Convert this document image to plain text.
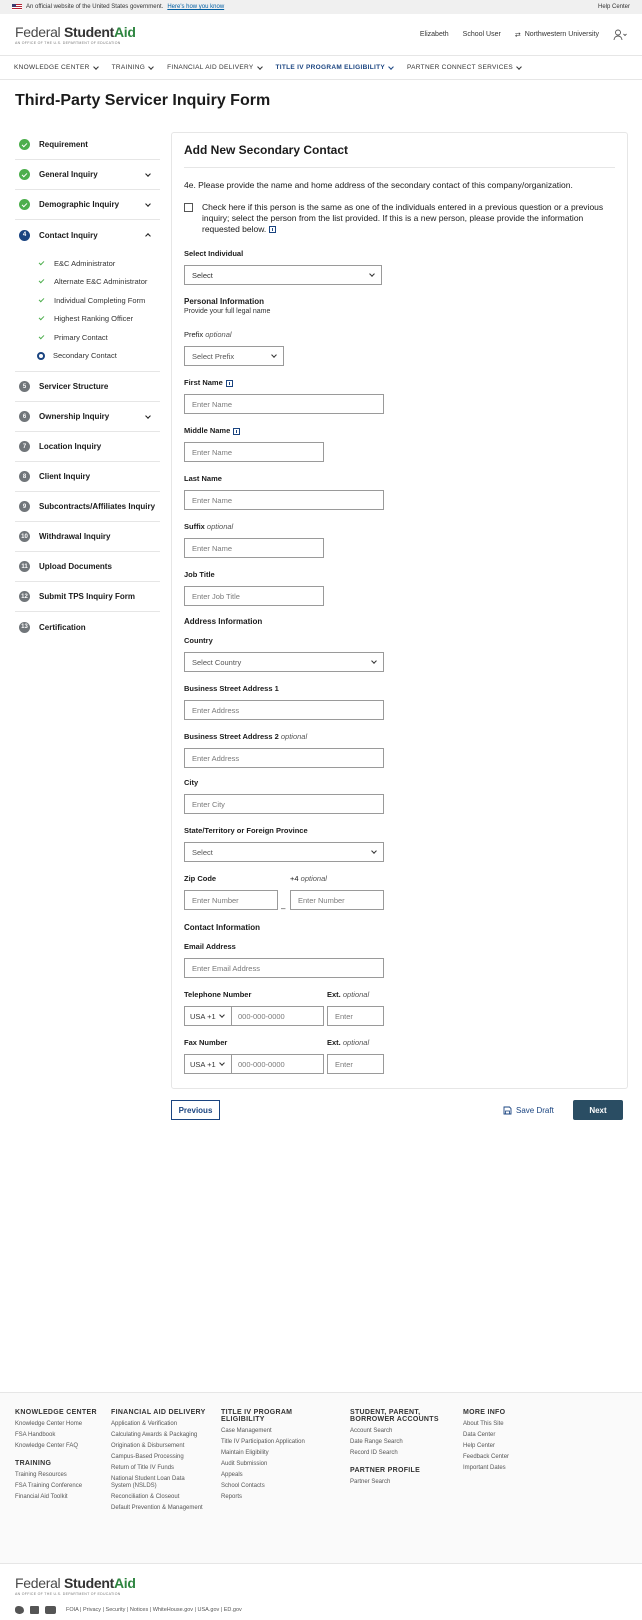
An official website of the United States government. Here's how you know	Help Center
Federal StudentAid
AN OFFICE OF THE U.S. DEPARTMENT OF EDUCATION
Elizabeth School User ⇄ Northwestern University
KNOWLEDGE CENTER	TRAINING	FINANCIAL AID DELIVERY	TITLE IV PROGRAM ELIGIBILITY	PARTNER CONNECT SERVICES
Third-Party Servicer Inquiry Form
Requirement
General Inquiry
Demographic Inquiry
4	Contact Inquiry
E&C Administrator
Alternate E&C Administrator
Individual Completing Form
Highest Ranking Officer
Primary Contact
Secondary Contact
5	Servicer Structure
6	Ownership Inquiry
7	Location Inquiry
8	Client Inquiry
9	Subcontracts/Affiliates Inquiry
10 Withdrawal Inquiry
11 Upload Documents
12 Submit TPS Inquiry Form
13 Certification
Add New Secondary Contact
4e. Please provide the name and home address of the secondary contact of this company/organization.
Check here if this person is the same as one of the individuals entered in a previous question or a previous inquiry; select the person from the list provided. If this is a new person, please provide the information requested below.
Select Individual
Select
Personal Information
Provide your full legal name
Prefix optional
Select Prefix
First Name
Enter Name
Middle Name
Enter Name
Last Name
Enter Name
Suffix optional
Enter Name
Job Title
Enter Job Title
Address Information
Country
Select Country
Business Street Address 1
Enter Address
Business Street Address 2 optional
Enter Address
City
Enter City
State/Territory or Foreign Province
Select
Zip Code
Enter Number
–
+4 optional
Enter Number
Contact Information
Email Address
Enter Email Address
Telephone Number
USA +1	000-000-0000
Ext. optional
Enter
Fax Number
USA +1	000-000-0000
Ext. optional
Enter
Previous	Save Draft	Next
KNOWLEDGE CENTER
Knowledge Center Home
FSA Handbook
Knowledge Center FAQ
TRAINING
Training Resources
FSA Training Conference
Financial Aid Toolkit
FINANCIAL AID DELIVERY
Application & Verification
Calculating Awards & Packaging
Origination & Disbursement
Campus-Based Processing
Return of Title IV Funds
National Student Loan Data System (NSLDS)
Reconciliation & Closeout
Default Prevention & Management
TITLE IV PROGRAM ELIGIBILITY
Case Management
Title IV Participation Application
Maintain Eligibility
Audit Submission
Appeals
School Contacts
Reports
STUDENT, PARENT, BORROWER ACCOUNTS
Account Search
Date Range Search
Record ID Search
PARTNER PROFILE
Partner Search
MORE INFO
About This Site
Data Center
Help Center
Feedback Center
Important Dates
Federal StudentAid
AN OFFICE OF THE U.S. DEPARTMENT OF EDUCATION
FOIA | Privacy | Security | Notices | WhiteHouse.gov | USA.gov | ED.gov
